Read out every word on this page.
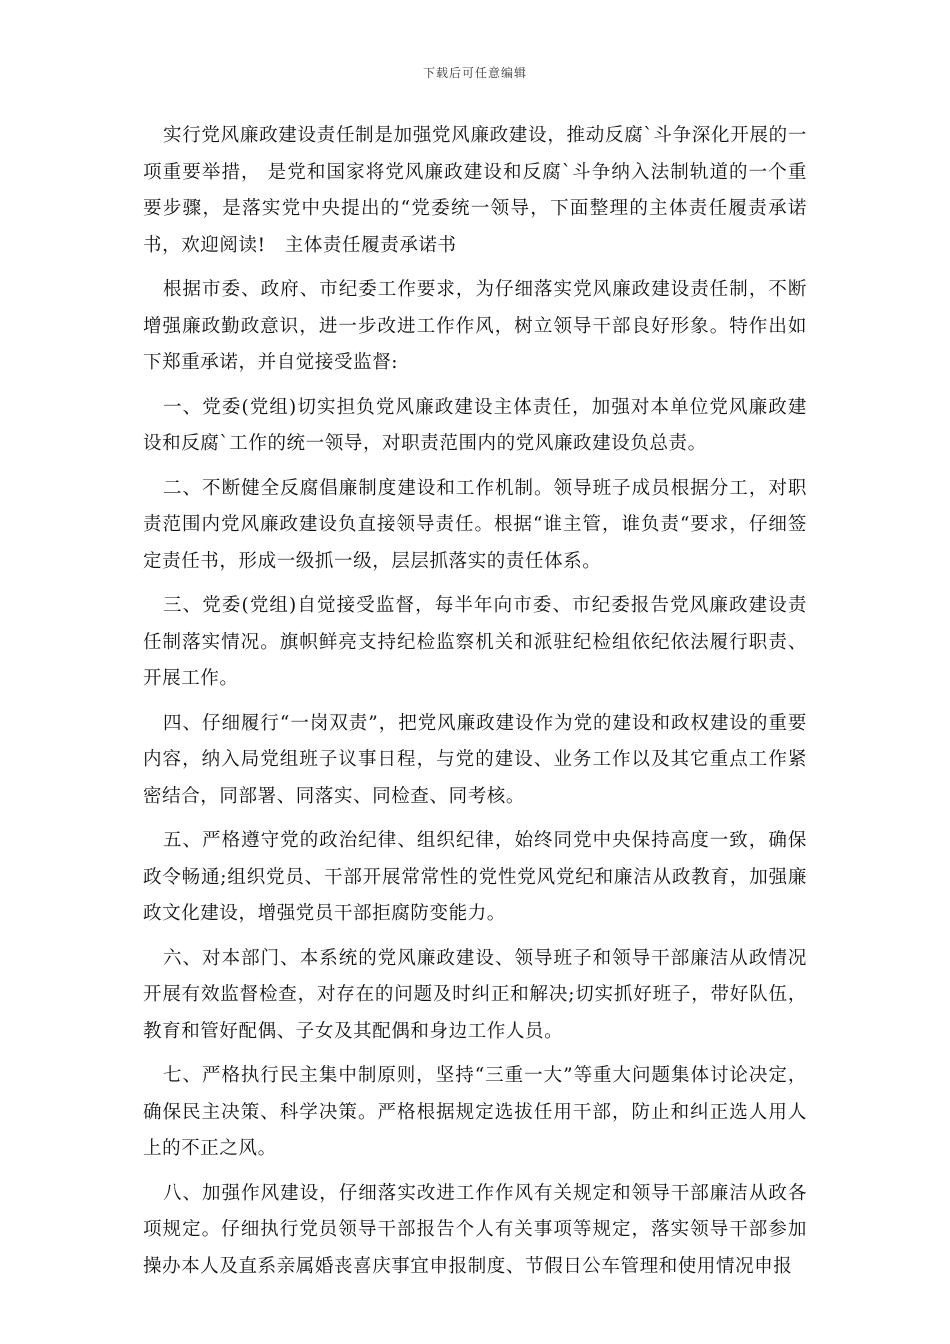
下载后可任意编辑

实行党风廉政建设责任制是加强党风廉政建设，推动反腐`斗争深化开展的一项重要举措， 是党和国家将党风廉政建设和反腐`斗争纳入法制轨道的一个重要步骤，是落实党中央提出的“党委统一领导，下面整理的主体责任履责承诺书，欢迎阅读!　主体责任履责承诺书

根据市委、政府、市纪委工作要求，为仔细落实党风廉政建设责任制，不断增强廉政勤政意识，进一步改进工作作风，树立领导干部良好形象。特作出如下郑重承诺，并自觉接受监督:

一、党委(党组)切实担负党风廉政建设主体责任，加强对本单位党风廉政建设和反腐`工作的统一领导，对职责范围内的党风廉政建设负总责。

二、不断健全反腐倡廉制度建设和工作机制。领导班子成员根据分工，对职责范围内党风廉政建设负直接领导责任。根据“谁主管，谁负责“要求，仔细签定责任书，形成一级抓一级，层层抓落实的责任体系。

三、党委(党组)自觉接受监督，每半年向市委、市纪委报告党风廉政建设责任制落实情况。旗帜鲜亮支持纪检监察机关和派驻纪检组依纪依法履行职责、开展工作。

四、仔细履行“一岗双责”，把党风廉政建设作为党的建设和政权建设的重要内容，纳入局党组班子议事日程，与党的建设、业务工作以及其它重点工作紧密结合，同部署、同落实、同检查、同考核。

五、严格遵守党的政治纪律、组织纪律，始终同党中央保持高度一致，确保政令畅通;组织党员、干部开展常常性的党性党风党纪和廉洁从政教育，加强廉政文化建设，增强党员干部拒腐防变能力。

六、对本部门、本系统的党风廉政建设、领导班子和领导干部廉洁从政情况开展有效监督检查，对存在的问题及时纠正和解决;切实抓好班子，带好队伍，教育和管好配偶、子女及其配偶和身边工作人员。

七、严格执行民主集中制原则，坚持“三重一大”等重大问题集体讨论决定，确保民主决策、科学决策。严格根据规定选拔任用干部，防止和纠正选人用人上的不正之风。

八、加强作风建设，仔细落实改进工作作风有关规定和领导干部廉洁从政各项规定。仔细执行党员领导干部报告个人有关事项等规定，落实领导干部参加操办本人及直系亲属婚丧喜庆事宜申报制度、节假日公车管理和使用情况申报
